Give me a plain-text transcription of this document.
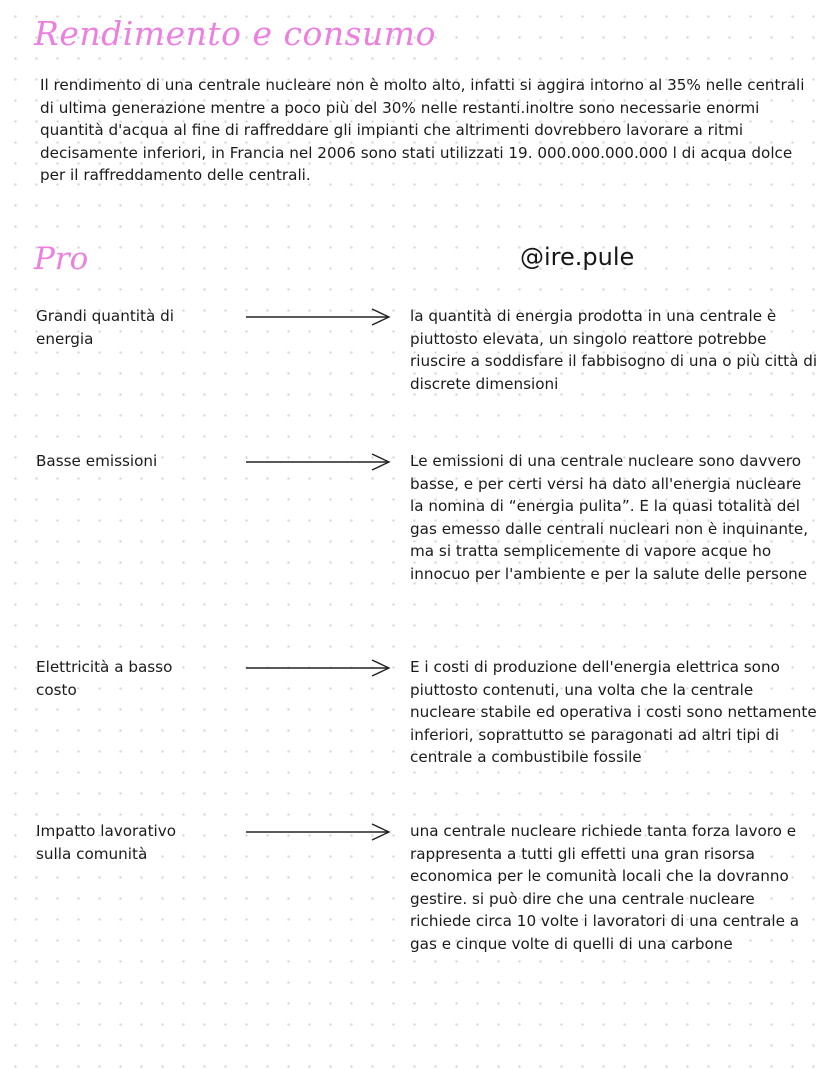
Rendimento e consumo

Il rendimento di una centrale nucleare non è molto alto, infatti si aggira intorno al 35% nelle centrali di ultima generazione mentre a poco più del 30% nelle restanti.inoltre sono necessarie enormi quantità d'acqua al fine di raffreddare gli impianti che altrimenti dovrebbero lavorare a ritmi decisamente inferiori, in Francia nel 2006 sono stati utilizzati 19. 000.000.000.000 l di acqua dolce per il raffreddamento delle centrali.

Pro	@ire.pule

Grandi quantità di energia

la quantità di energia prodotta in una centrale è piuttosto elevata, un singolo reattore potrebbe riuscire a soddisfare il fabbisogno di una o più città di discrete dimensioni

Basse emissioni	Le emissioni di una centrale nucleare sono davvero basse, e per certi versi ha dato all'energia nucleare la nomina di “energia pulita”. E la quasi totalità del gas emesso dalle centrali nucleari non è inquinante, ma si tratta semplicemente di vapore acque ho innocuo per l'ambiente e per la salute delle persone

Elettricità a basso costo

E i costi di produzione dell'energia elettrica sono piuttosto contenuti, una volta che la centrale nucleare stabile ed operativa i costi sono nettamente inferiori, soprattutto se paragonati ad altri tipi di centrale a combustibile fossile

Impatto lavorativo sulla comunità

una centrale nucleare richiede tanta forza lavoro e rappresenta a tutti gli effetti una gran risorsa economica per le comunità locali che la dovranno gestire. si può dire che una centrale nucleare richiede circa 10 volte i lavoratori di una centrale a gas e cinque volte di quelli di una carbone
